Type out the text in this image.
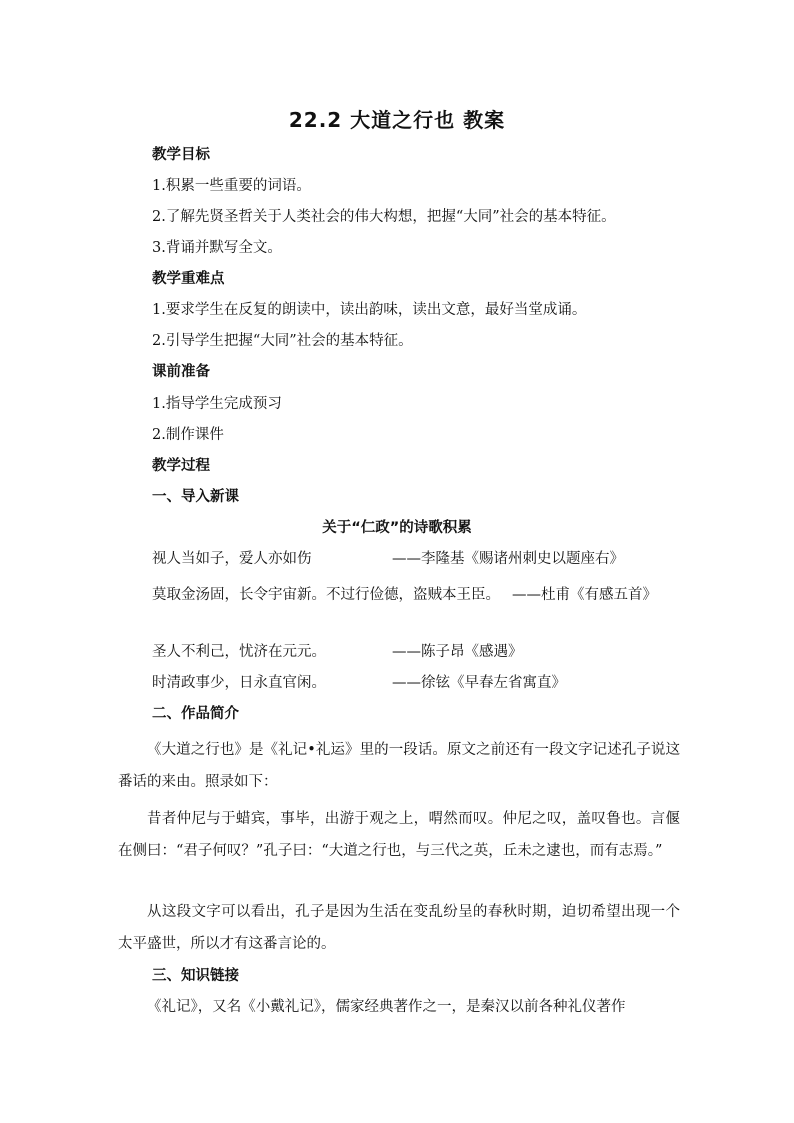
22.2 大道之行也 教案
教学目标
1.积累一些重要的词语。
2.了解先贤圣哲关于人类社会的伟大构想，把握“大同”社会的基本特征。
3.背诵并默写全文。
教学重难点
1.要求学生在反复的朗读中，读出韵味，读出文意，最好当堂成诵。
2.引导学生把握“大同”社会的基本特征。
课前准备
1.指导学生完成预习
2.制作课件
教学过程
一、导入新课
关于“仁政”的诗歌积累
视人当如子，爱人亦如伤	——李隆基《赐诸州刺史以题座右》
莫取金汤固，长令宇宙新。不过行俭德，盗贼本王臣。 ——杜甫《有感五首》
圣人不利己，忧济在元元。	——陈子昂《感遇》
时清政事少，日永直官闲。	——徐铉《早春左省寓直》
二、作品简介
《大道之行也》是《礼记•礼运》里的一段话。原文之前还有一段文字记述孔子说这番话的来由。照录如下：
昔者仲尼与于蜡宾，事毕，出游于观之上，喟然而叹。仲尼之叹，盖叹鲁也。言偃在侧曰：“君子何叹？”孔子曰：“大道之行也，与三代之英，丘未之逮也，而有志焉。”
从这段文字可以看出，孔子是因为生活在变乱纷呈的春秋时期，迫切希望出现一个太平盛世，所以才有这番言论的。
三、知识链接
《礼记》，又名《小戴礼记》，儒家经典著作之一，是秦汉以前各种礼仪著作
